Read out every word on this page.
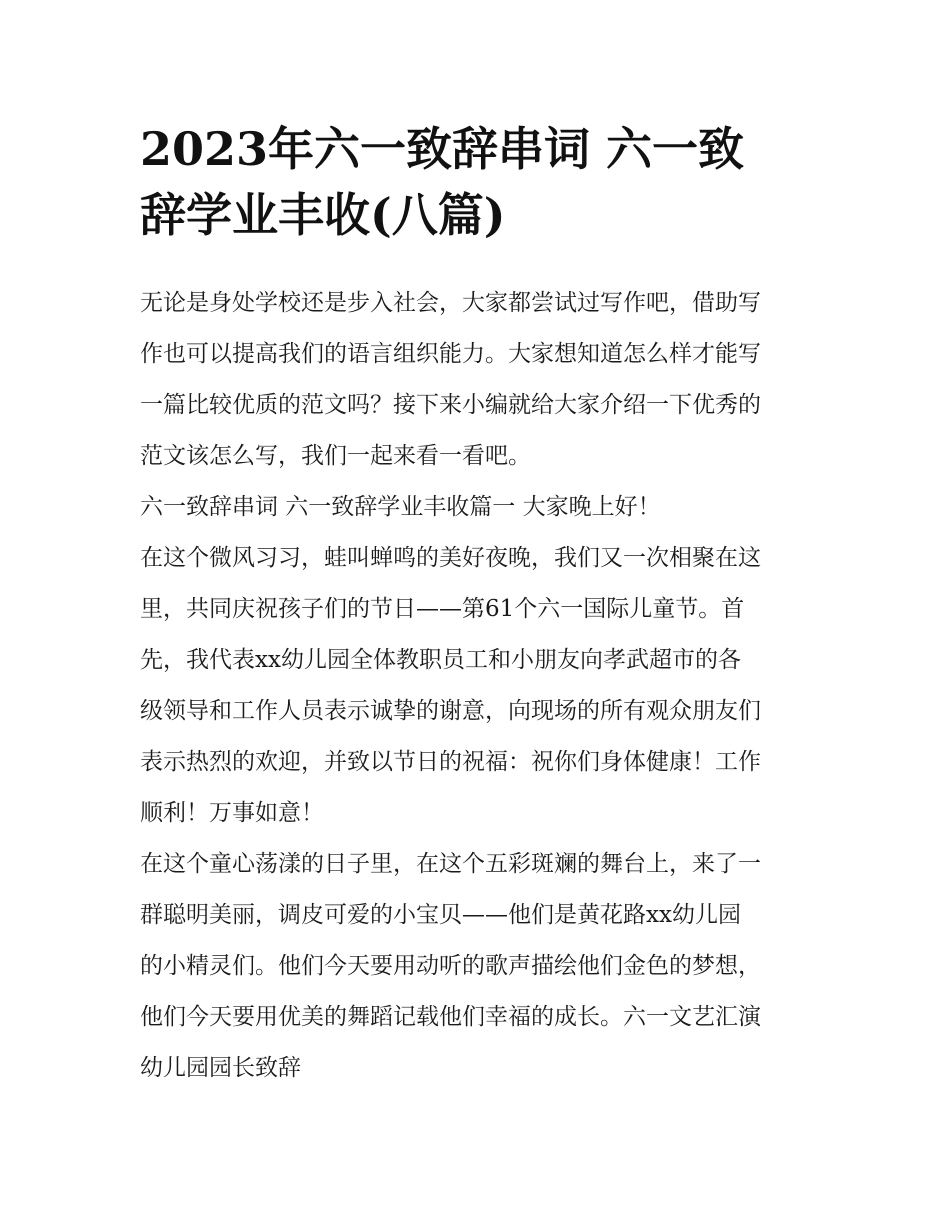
2023年六一致辞串词 六一致
辞学业丰收(八篇)
无论是身处学校还是步入社会，大家都尝试过写作吧，借助写
作也可以提高我们的语言组织能力。大家想知道怎么样才能写
一篇比较优质的范文吗？接下来小编就给大家介绍一下优秀的
范文该怎么写，我们一起来看一看吧。
六一致辞串词 六一致辞学业丰收篇一 大家晚上好！
在这个微风习习，蛙叫蝉鸣的美好夜晚，我们又一次相聚在这
里，共同庆祝孩子们的节日——第61个六一国际儿童节。首
先，我代表xx幼儿园全体教职员工和小朋友向孝武超市的各
级领导和工作人员表示诚挚的谢意，向现场的所有观众朋友们
表示热烈的欢迎，并致以节日的祝福：祝你们身体健康！工作
顺利！万事如意！
在这个童心荡漾的日子里，在这个五彩斑斓的舞台上，来了一
群聪明美丽，调皮可爱的小宝贝——他们是黄花路xx幼儿园
的小精灵们。他们今天要用动听的歌声描绘他们金色的梦想，
他们今天要用优美的舞蹈记载他们幸福的成长。六一文艺汇演
幼儿园园长致辞
